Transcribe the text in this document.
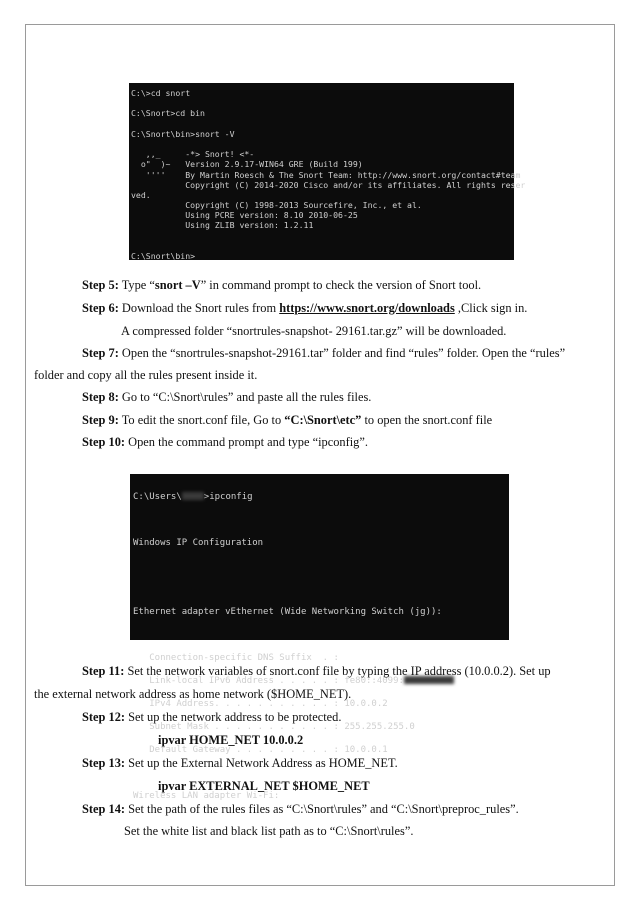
C:\>cd snort
C:\Snort>cd bin
C:\Snort\bin>snort -V
,,_     -*> Snort! <*-
o"  )~   Version 2.9.17-WIN64 GRE (Build 199)
''''    By Martin Roesch & The Snort Team: http://www.snort.org/contact#team
Copyright (C) 2014-2020 Cisco and/or its affiliates. All rights reser
ved.
Copyright (C) 1998-2013 Sourcefire, Inc., et al.
Using PCRE version: 8.10 2010-06-25
Using ZLIB version: 1.2.11
C:\Snort\bin>
Step 5: Type “snort –V” in command prompt to check the version of Snort tool.
Step 6: Download the Snort rules from https://www.snort.org/downloads ,Click sign in.
A compressed folder “snortrules-snapshot- 29161.tar.gz” will be downloaded.
Step 7: Open the “snortrules-snapshot-29161.tar” folder and find “rules” folder. Open the “rules”
folder and copy all the rules present inside it.
Step 8: Go to “C:\Snort\rules” and paste all the rules files.
Step 9: To edit the snort.conf file, Go to “C:\Snort\etc” to open the snort.conf file
Step 10: Open the command prompt and type “ipconfig”.

C:\Users\ >ipconfig

Windows IP Configuration

Ethernet adapter vEthernet (Wide Networking Switch (jg)):

Connection-specific DNS Suffix  . :

Link-local IPv6 Address . . . . . : fe80::4099:

IPv4 Address. . . . . . . . . . . : 10.0.0.2

Subnet Mask . . . . . . . . . . . : 255.255.255.0

Default Gateway . . . . . . . . . : 10.0.0.1

Wireless LAN adapter Wi-Fi:

Step 11: Set the network variables of snort.conf file by typing the IP address (10.0.0.2). Set up
the external network address as home network ($HOME_NET).
Step 12: Set up the network address to be protected.
ipvar HOME_NET 10.0.0.2
Step 13: Set up the External Network Address as HOME_NET.
ipvar EXTERNAL_NET $HOME_NET
Step 14: Set the path of the rules files as “C:\Snort\rules” and “C:\Snort\preproc_rules”.
Set the white list and black list path as to “C:\Snort\rules”.
